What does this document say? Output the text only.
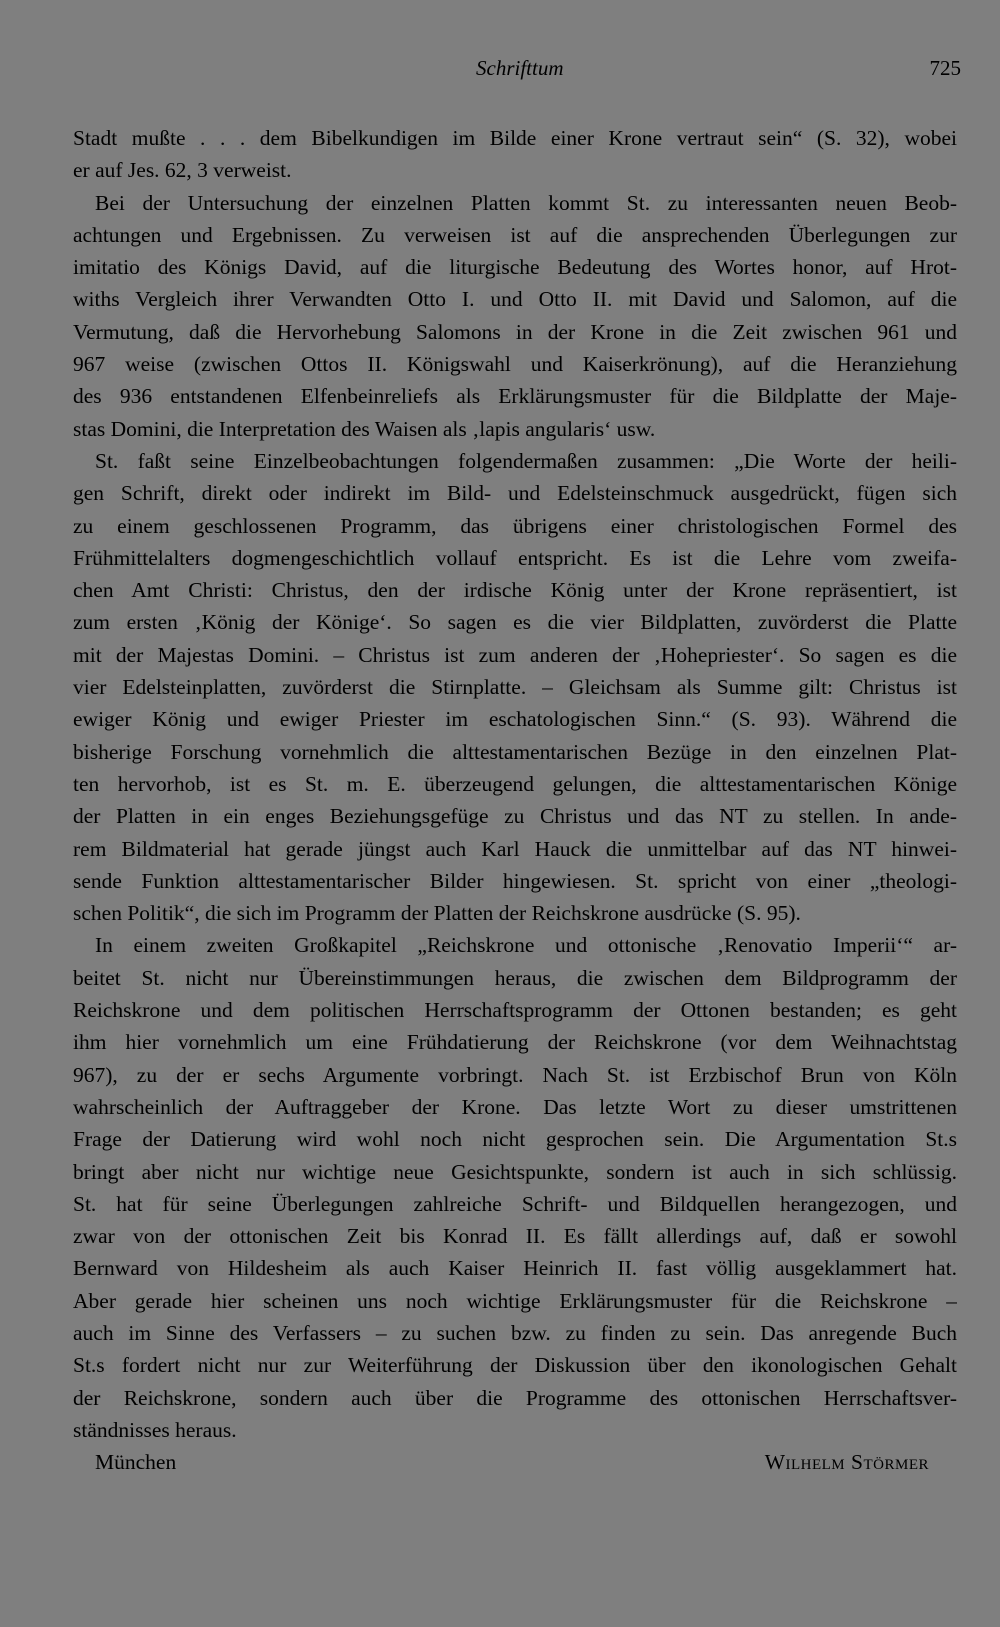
Schrifttum	725
Stadt mußte . . . dem Bibelkundigen im Bilde einer Krone vertraut sein“ (S. 32), wobei
er auf Jes. 62, 3 verweist.
Bei der Untersuchung der einzelnen Platten kommt St. zu interessanten neuen Beob-
achtungen und Ergebnissen. Zu verweisen ist auf die ansprechenden Überlegungen zur
imitatio des Königs David, auf die liturgische Bedeutung des Wortes honor, auf Hrot-
withs Vergleich ihrer Verwandten Otto I. und Otto II. mit David und Salomon, auf die
Vermutung, daß die Hervorhebung Salomons in der Krone in die Zeit zwischen 961 und
967 weise (zwischen Ottos II. Königswahl und Kaiserkrönung), auf die Heranziehung
des 936 entstandenen Elfenbeinreliefs als Erklärungsmuster für die Bildplatte der Maje-
stas Domini, die Interpretation des Waisen als ‚lapis angularis‘ usw.
St. faßt seine Einzelbeobachtungen folgendermaßen zusammen: „Die Worte der heili-
gen Schrift, direkt oder indirekt im Bild- und Edelsteinschmuck ausgedrückt, fügen sich
zu einem geschlossenen Programm, das übrigens einer christologischen Formel des
Frühmittelalters dogmengeschichtlich vollauf entspricht. Es ist die Lehre vom zweifa-
chen Amt Christi: Christus, den der irdische König unter der Krone repräsentiert, ist
zum ersten ‚König der Könige‘. So sagen es die vier Bildplatten, zuvörderst die Platte
mit der Majestas Domini. – Christus ist zum anderen der ‚Hohepriester‘. So sagen es die
vier Edelsteinplatten, zuvörderst die Stirnplatte. – Gleichsam als Summe gilt: Christus ist
ewiger König und ewiger Priester im eschatologischen Sinn.“ (S. 93). Während die
bisherige Forschung vornehmlich die alttestamentarischen Bezüge in den einzelnen Plat-
ten hervorhob, ist es St. m. E. überzeugend gelungen, die alttestamentarischen Könige
der Platten in ein enges Beziehungsgefüge zu Christus und das NT zu stellen. In ande-
rem Bildmaterial hat gerade jüngst auch Karl Hauck die unmittelbar auf das NT hinwei-
sende Funktion alttestamentarischer Bilder hingewiesen. St. spricht von einer „theologi-
schen Politik“, die sich im Programm der Platten der Reichskrone ausdrücke (S. 95).
In einem zweiten Großkapitel „Reichskrone und ottonische ‚Renovatio Imperii‘“ ar-
beitet St. nicht nur Übereinstimmungen heraus, die zwischen dem Bildprogramm der
Reichskrone und dem politischen Herrschaftsprogramm der Ottonen bestanden; es geht
ihm hier vornehmlich um eine Frühdatierung der Reichskrone (vor dem Weihnachtstag
967), zu der er sechs Argumente vorbringt. Nach St. ist Erzbischof Brun von Köln
wahrscheinlich der Auftraggeber der Krone. Das letzte Wort zu dieser umstrittenen
Frage der Datierung wird wohl noch nicht gesprochen sein. Die Argumentation St.s
bringt aber nicht nur wichtige neue Gesichtspunkte, sondern ist auch in sich schlüssig.
St. hat für seine Überlegungen zahlreiche Schrift- und Bildquellen herangezogen, und
zwar von der ottonischen Zeit bis Konrad II. Es fällt allerdings auf, daß er sowohl
Bernward von Hildesheim als auch Kaiser Heinrich II. fast völlig ausgeklammert hat.
Aber gerade hier scheinen uns noch wichtige Erklärungsmuster für die Reichskrone –
auch im Sinne des Verfassers – zu suchen bzw. zu finden zu sein. Das anregende Buch
St.s fordert nicht nur zur Weiterführung der Diskussion über den ikonologischen Gehalt
der Reichskrone, sondern auch über die Programme des ottonischen Herrschaftsver-
ständnisses heraus.
München	Wilhelm Störmer
